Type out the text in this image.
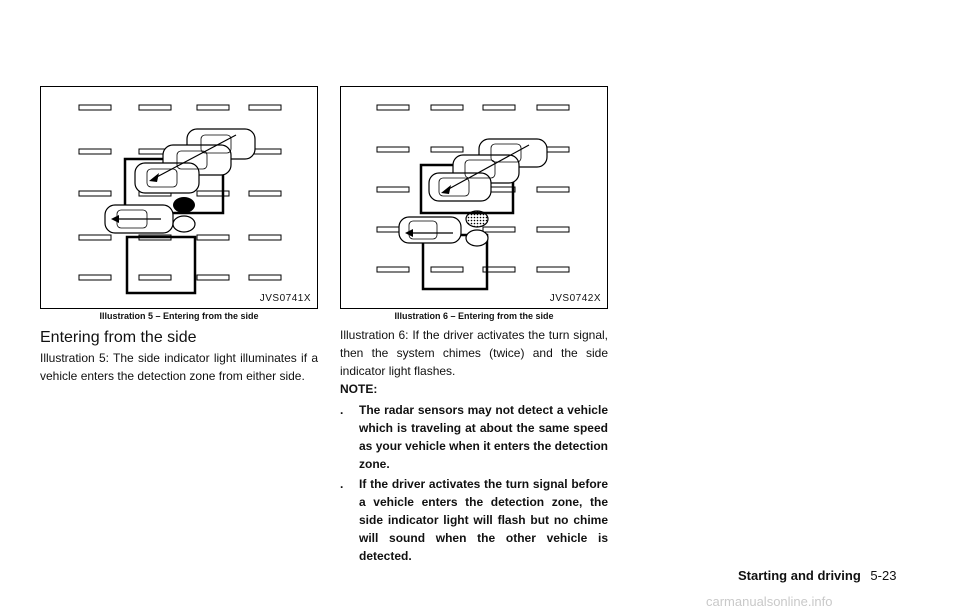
JVS0741X
Illustration 5 – Entering from the side
JVS0742X
Illustration 6 – Entering from the side
Entering from the side

Illustration 5: The side indicator light illuminates if a vehicle enters the detection zone from either side.

Illustration 6: If the driver activates the turn signal, then the system chimes (twice) and the side indicator light flashes.

NOTE:

. The radar sensors may not detect a vehicle which is traveling at about the same speed as your vehicle when it enters the detection zone.
. If the driver activates the turn signal before a vehicle enters the detection zone, the side indicator light will flash but no chime will sound when the other vehicle is detected.
Starting and driving 5-23
carmanualsonline.info
